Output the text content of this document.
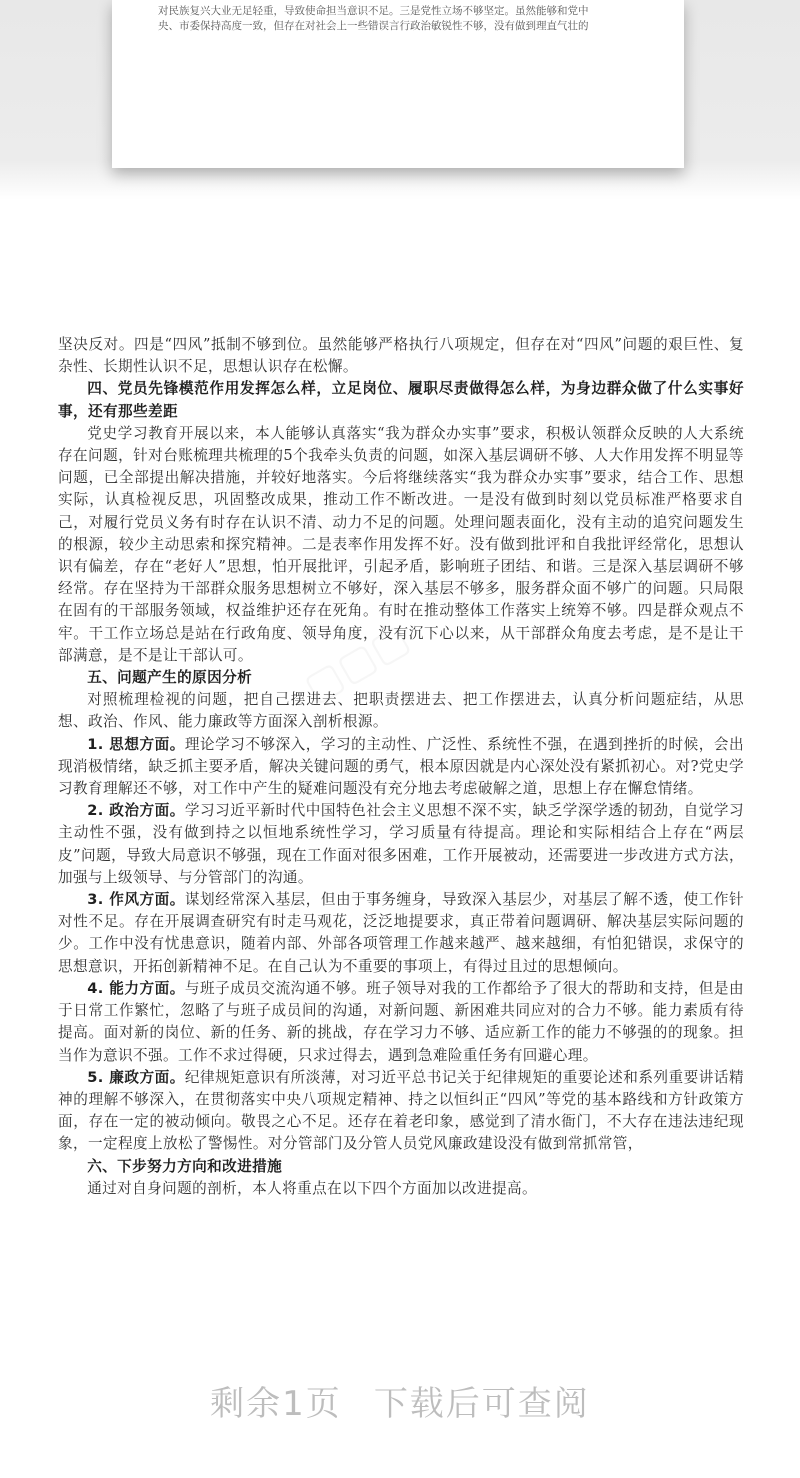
对民族复兴大业无足轻重，导致使命担当意识不足。三是党性立场不够坚定。虽然能够和党中
央、市委保持高度一致，但存在对社会上一些错误言行政治敏锐性不够，没有做到理直气壮的

坚决反对。四是“四风”抵制不够到位。虽然能够严格执行八项规定，但存在对“四风”问题的艰巨性、复杂性、长期性认识不足，思想认识存在松懈。

四、党员先锋模范作用发挥怎么样，立足岗位、履职尽责做得怎么样，为身边群众做了什么实事好事，还有那些差距

党史学习教育开展以来，本人能够认真落实“我为群众办实事”要求，积极认领群众反映的人大系统存在问题，针对台账梳理共梳理的5个我牵头负责的问题，如深入基层调研不够、人大作用发挥不明显等问题，已全部提出解决措施，并较好地落实。今后将继续落实“我为群众办实事”要求，结合工作、思想实际，认真检视反思，巩固整改成果，推动工作不断改进。一是没有做到时刻以党员标准严格要求自己，对履行党员义务有时存在认识不清、动力不足的问题。处理问题表面化，没有主动的追究问题发生的根源，较少主动思索和探究精神。二是表率作用发挥不好。没有做到批评和自我批评经常化，思想认识有偏差，存在“老好人”思想，怕开展批评，引起矛盾，影响班子团结、和谐。三是深入基层调研不够经常。存在坚持为干部群众服务思想树立不够好，深入基层不够多，服务群众面不够广的问题。只局限在固有的干部服务领域，权益维护还存在死角。有时在推动整体工作落实上统筹不够。四是群众观点不牢。干工作立场总是站在行政角度、领导角度，没有沉下心以来，从干部群众角度去考虑，是不是让干部满意，是不是让干部认可。

五、问题产生的原因分析

对照梳理检视的问题，把自己摆进去、把职责摆进去、把工作摆进去，认真分析问题症结，从思想、政治、作风、能力廉政等方面深入剖析根源。

1. 思想方面。理论学习不够深入，学习的主动性、广泛性、系统性不强，在遇到挫折的时候，会出现消极情绪，缺乏抓主要矛盾，解决关键问题的勇气，根本原因就是内心深处没有紧抓初心。对?党史学习教育理解还不够，对工作中产生的疑难问题没有充分地去考虑破解之道，思想上存在懈怠情绪。

2. 政治方面。学习习近平新时代中国特色社会主义思想不深不实，缺乏学深学透的韧劲，自觉学习主动性不强，没有做到持之以恒地系统性学习，学习质量有待提高。理论和实际相结合上存在“两层皮”问题，导致大局意识不够强，现在工作面对很多困难，工作开展被动，还需要进一步改进方式方法，加强与上级领导、与分管部门的沟通。

3. 作风方面。谋划经常深入基层，但由于事务缠身，导致深入基层少，对基层了解不透，使工作针对性不足。存在开展调查研究有时走马观花，泛泛地提要求，真正带着问题调研、解决基层实际问题的少。工作中没有忧患意识，随着内部、外部各项管理工作越来越严、越来越细，有怕犯错误，求保守的思想意识，开拓创新精神不足。在自己认为不重要的事项上，有得过且过的思想倾向。

4. 能力方面。与班子成员交流沟通不够。班子领导对我的工作都给予了很大的帮助和支持，但是由于日常工作繁忙，忽略了与班子成员间的沟通，对新问题、新困难共同应对的合力不够。能力素质有待提高。面对新的岗位、新的任务、新的挑战，存在学习力不够、适应新工作的能力不够强的的现象。担当作为意识不强。工作不求过得硬，只求过得去，遇到急难险重任务有回避心理。

5. 廉政方面。纪律规矩意识有所淡薄，对习近平总书记关于纪律规矩的重要论述和系列重要讲话精神的理解不够深入，在贯彻落实中央八项规定精神、持之以恒纠正“四风”等党的基本路线和方针政策方面，存在一定的被动倾向。敬畏之心不足。还存在着老印象，感觉到了清水衙门，不大存在违法违纪现象，一定程度上放松了警惕性。对分管部门及分管人员党风廉政建设没有做到常抓常管，

六、下步努力方向和改进措施

通过对自身问题的剖析，本人将重点在以下四个方面加以改进提高。

剩余1页 下载后可查阅
